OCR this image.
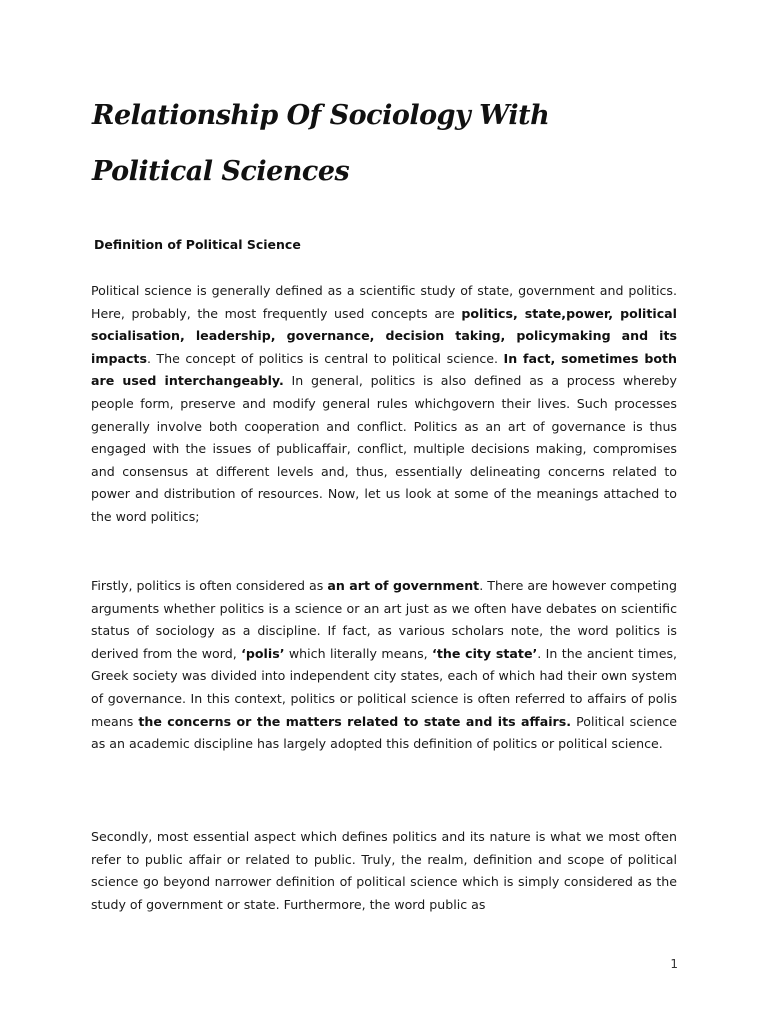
Relationship Of Sociology With
Political Sciences
Definition of Political Science

Political science is generally defined as a scientific study of state, government and politics. Here, probably, the most frequently used concepts are politics, state,power, political socialisation, leadership, governance, decision taking, policymaking and its impacts. The concept of politics is central to political science. In fact, sometimes both are used interchangeably. In general, politics is also defined as a process whereby people form, preserve and modify general rules whichgovern their lives. Such processes generally involve both cooperation and conflict. Politics as an art of governance is thus engaged with the issues of publicaffair, conflict, multiple decisions making, compromises and consensus at different levels and, thus, essentially delineating concerns related to power and distribution of resources. Now, let us look at some of the meanings attached to the word politics;

Firstly, politics is often considered as an art of government. There are however competing arguments whether politics is a science or an art just as we often have debates on scientific status of sociology as a discipline. If fact, as various scholars note, the word politics is derived from the word, ‘polis’ which literally means, ‘the city state’. In the ancient times, Greek society was divided into independent city states, each of which had their own system of governance. In this context, politics or political science is often referred to affairs of polis means the concerns or the matters related to state and its affairs. Political science as an academic discipline has largely adopted this definition of politics or political science.

Secondly, most essential aspect which defines politics and its nature is what we most often refer to public affair or related to public. Truly, the realm, definition and scope of political science go beyond narrower definition of political science which is simply considered as the study of government or state. Furthermore, the word public as

1
